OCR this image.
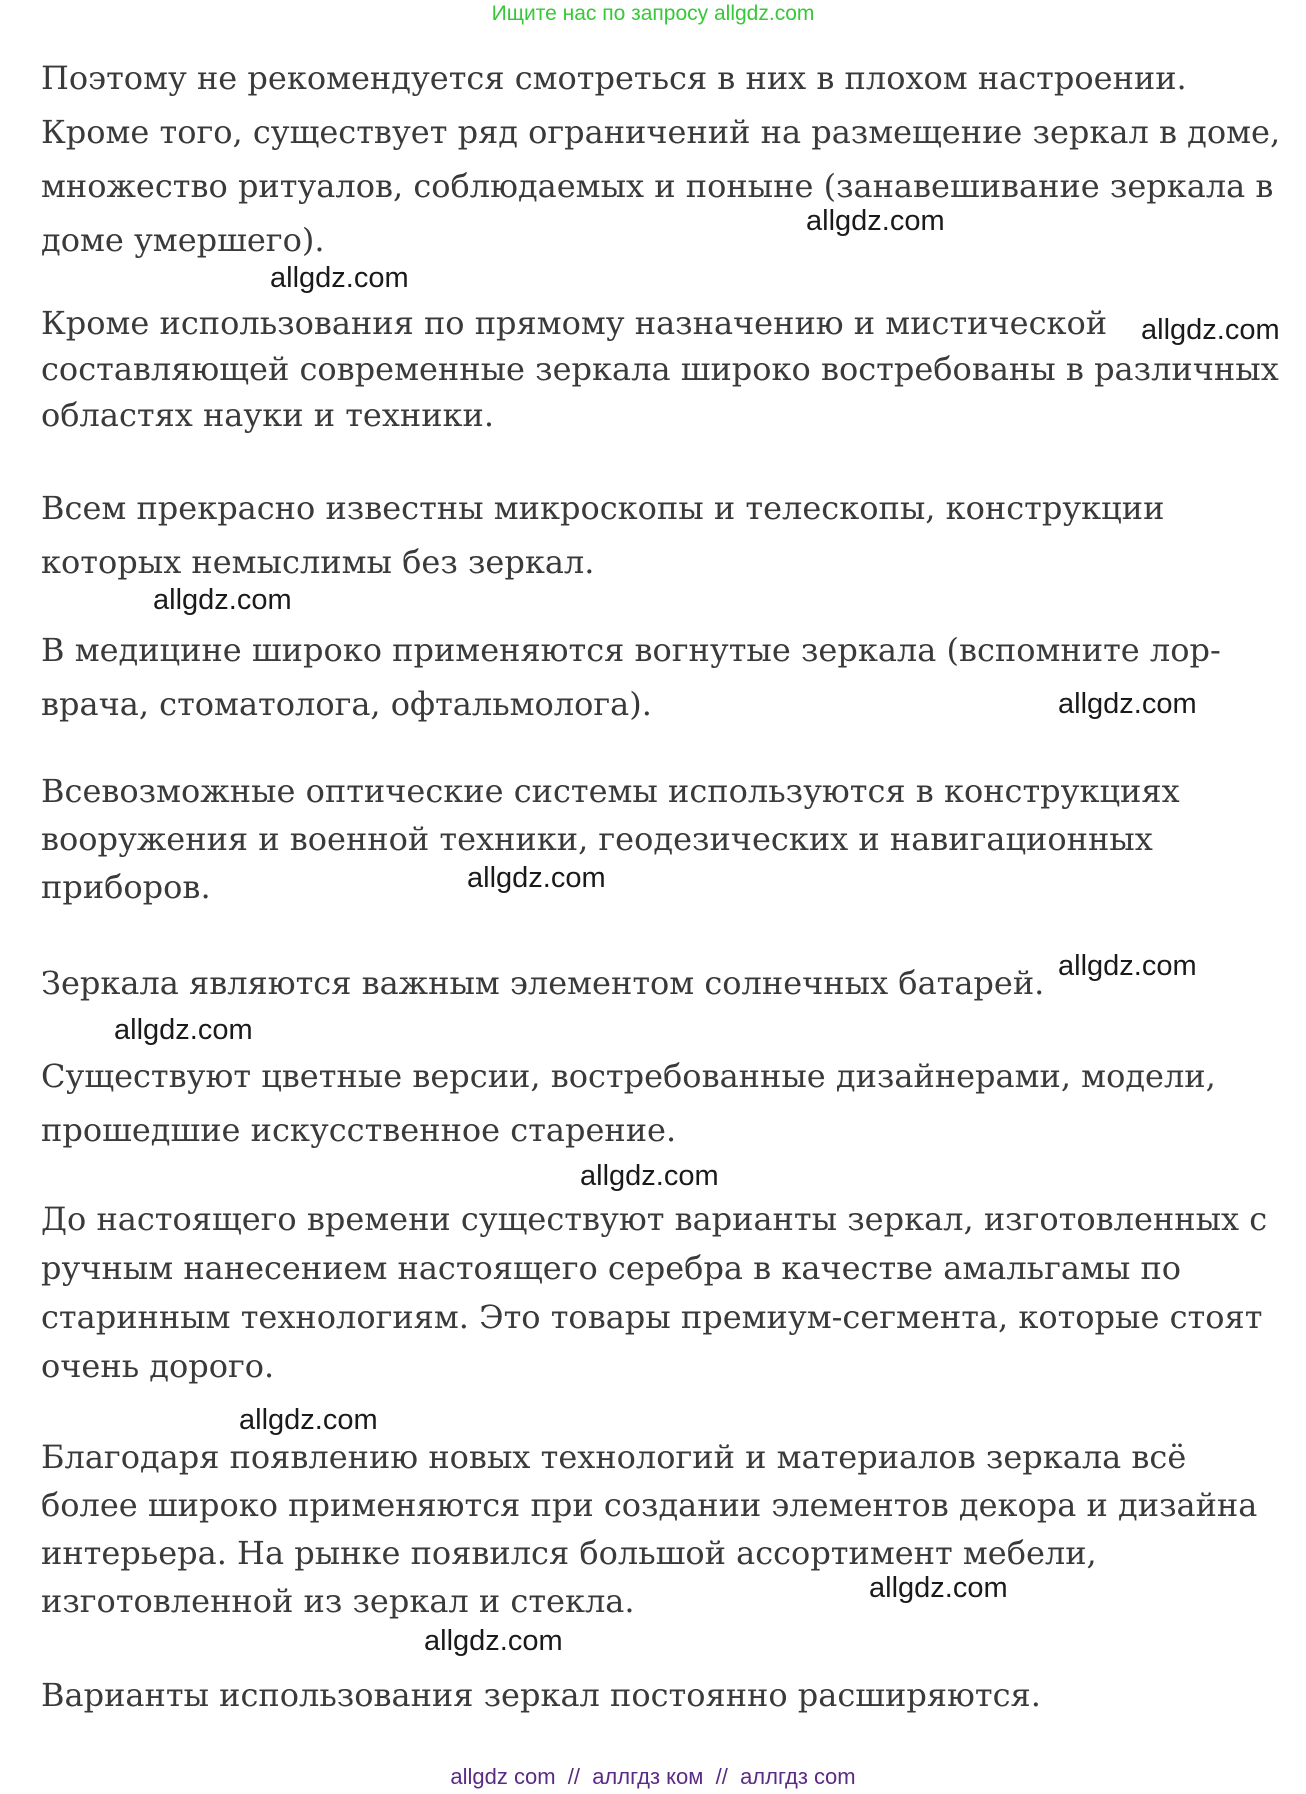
Ищите нас по запросу allgdz.com
Поэтому не рекомендуется смотреться в них в плохом настроении.
Кроме того, существует ряд ограничений на размещение зеркал в доме,
множество ритуалов, соблюдаемых и поныне (занавешивание зеркала в
доме умершего).
Кроме использования по прямому назначению и мистической
составляющей современные зеркала широко востребованы в различных
областях науки и техники.
Всем прекрасно известны микроскопы и телескопы, конструкции
которых немыслимы без зеркал.
В медицине широко применяются вогнутые зеркала (вспомните лор-
врача, стоматолога, офтальмолога).
Всевозможные оптические системы используются в конструкциях
вооружения и военной техники, геодезических и навигационных
приборов.
Зеркала являются важным элементом солнечных батарей.
Существуют цветные версии, востребованные дизайнерами, модели,
прошедшие искусственное старение.
До настоящего времени существуют варианты зеркал, изготовленных с
ручным нанесением настоящего серебра в качестве амальгамы по
старинным технологиям. Это товары премиум-сегмента, которые стоят
очень дорого.
Благодаря появлению новых технологий и материалов зеркала всё
более широко применяются при создании элементов декора и дизайна
интерьера. На рынке появился большой ассортимент мебели,
изготовленной из зеркал и стекла.
Варианты использования зеркал постоянно расширяются.
allgdz.com
allgdz.com
allgdz.com
allgdz.com
allgdz.com
allgdz.com
allgdz.com
allgdz.com
allgdz.com
allgdz.com
allgdz.com
allgdz.com
allgdz com  //  аллгдз ком  //  аллгдз com
